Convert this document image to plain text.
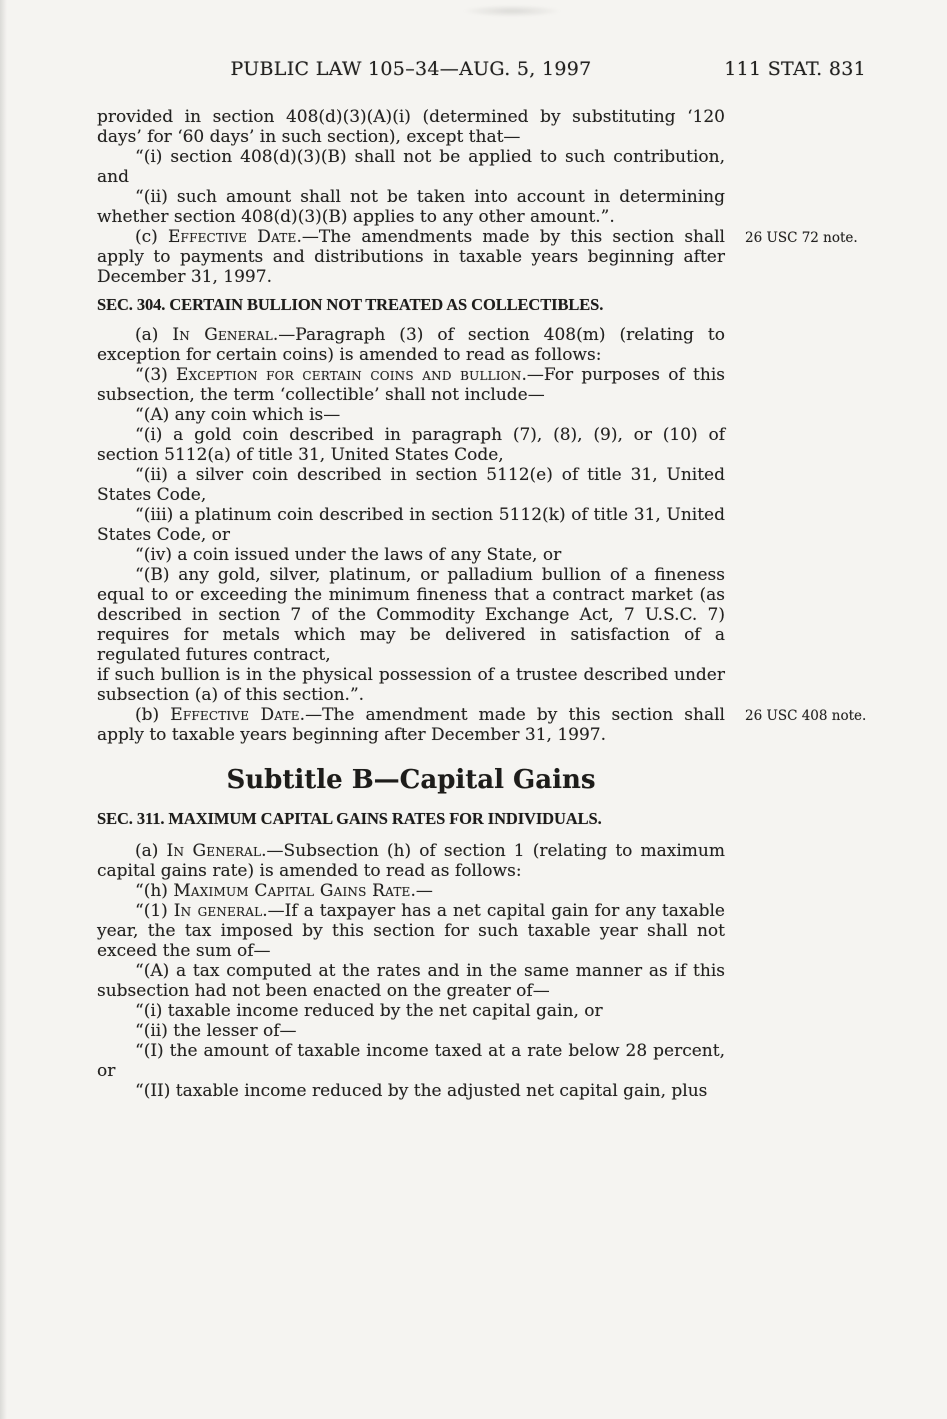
PUBLIC LAW 105–34—AUG. 5, 1997	111 STAT. 831

provided in section 408(d)(3)(A)(i) (determined by substituting ‘120 days’ for ‘60 days’ in such section), except that—

“(i) section 408(d)(3)(B) shall not be applied to such contribution, and

“(ii) such amount shall not be taken into account in determining whether section 408(d)(3)(B) applies to any other amount.”.

26 USC 72 note.
(c) Effective Date.—The amendments made by this section shall apply to payments and distributions in taxable years beginning after December 31, 1997.

SEC. 304. CERTAIN BULLION NOT TREATED AS COLLECTIBLES.

(a) In General.—Paragraph (3) of section 408(m) (relating to exception for certain coins) is amended to read as follows:

“(3) Exception for certain coins and bullion.—For purposes of this subsection, the term ‘collectible’ shall not include—

“(A) any coin which is—

“(i) a gold coin described in paragraph (7), (8), (9), or (10) of section 5112(a) of title 31, United States Code,

“(ii) a silver coin described in section 5112(e) of title 31, United States Code,

“(iii) a platinum coin described in section 5112(k) of title 31, United States Code, or

“(iv) a coin issued under the laws of any State, or

“(B) any gold, silver, platinum, or palladium bullion of a fineness equal to or exceeding the minimum fineness that a contract market (as described in section 7 of the Commodity Exchange Act, 7 U.S.C. 7) requires for metals which may be delivered in satisfaction of a regulated futures contract,

if such bullion is in the physical possession of a trustee described under subsection (a) of this section.”.

26 USC 408 note.
(b) Effective Date.—The amendment made by this section shall apply to taxable years beginning after December 31, 1997.

Subtitle B—Capital Gains

SEC. 311. MAXIMUM CAPITAL GAINS RATES FOR INDIVIDUALS.

(a) In General.—Subsection (h) of section 1 (relating to maximum capital gains rate) is amended to read as follows:

“(h) Maximum Capital Gains Rate.—

“(1) In general.—If a taxpayer has a net capital gain for any taxable year, the tax imposed by this section for such taxable year shall not exceed the sum of—

“(A) a tax computed at the rates and in the same manner as if this subsection had not been enacted on the greater of—

“(i) taxable income reduced by the net capital gain, or

“(ii) the lesser of—

“(I) the amount of taxable income taxed at a rate below 28 percent, or

“(II) taxable income reduced by the adjusted net capital gain, plus
